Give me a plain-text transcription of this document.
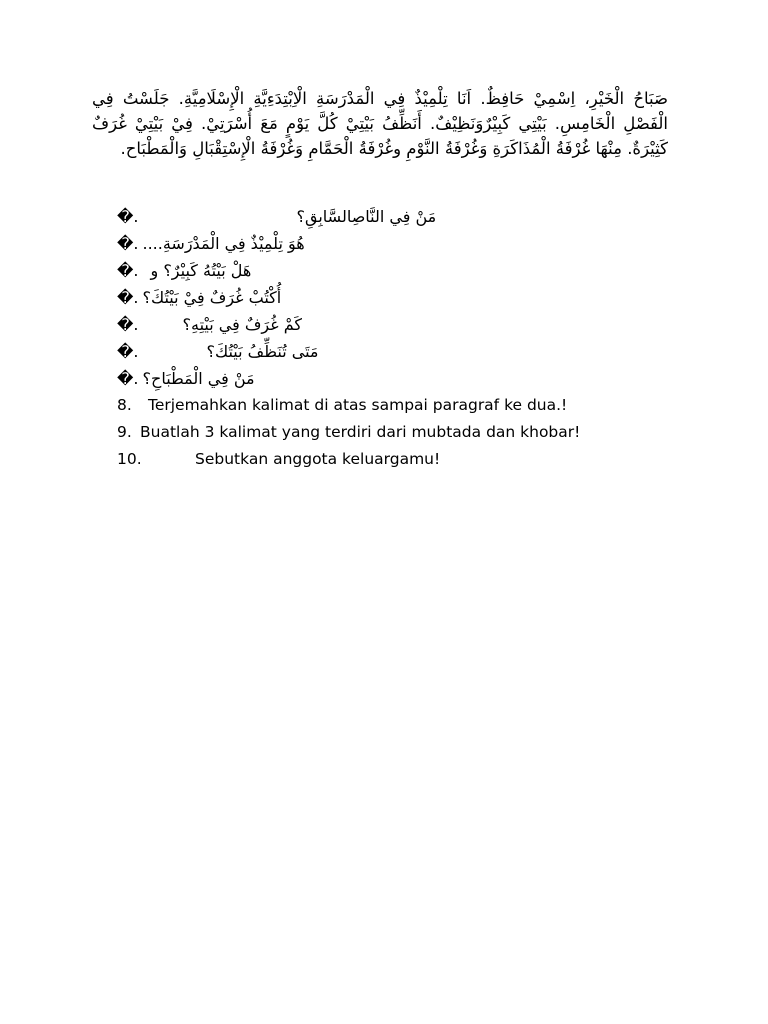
صَبَاحُ الْخَيْرِ، اِسْمِيْ حَافِظٌ. اَنَا تِلْمِيْذٌ فِي الْمَدْرَسَةِ الْاِبْتِدَءِيَّةِ الْإِسْلَامِيَّةِ. جَلَسْتُ فِي الْفَصْلِ الْخَامِسِ. بَيْتِي كَبِيْرٌوَنَظِيْفٌ. أَنَظِّفُ بَيْتِيْ كُلَّ يَوْمٍ مَعَ أُسْرَتِيْ. فِيْ بَيْتِيْ غُرَفٌ كَثِيْرَةٌ. مِنْهَا غُرْفَةُ الْمُذَاكَرَةِ وَغُرْفَةُ النَّوْمِ وغُرْفَةُ الْحَمَّامِ وَغُرْفَةُ الْإِسْتِقْبَالِ وَالْمَطْبَاح.
�.	مَنْ فِي النَّاصِالسَّابِقِ؟
�. هُوَ تِلْمِيْذٌ فِي الْمَدْرَسَةِ....
�. هَلْ بَيْتُهُ كَبِيْرٌ؟ و
�. أُكْتُبْ غُرَفٌ فِيْ بَيْتُكَ؟
�.	كَمْ غُرَفٌ فِي بَيْتِهِ؟
�.	مَتَى تُنَظِّفُ بَيْتُكَ؟
�. مَنْ فِي الْمَطْبَاحِ؟
8.	Terjemahkan kalimat di atas sampai paragraf ke dua.!
9. Buatlah 3 kalimat yang terdiri dari mubtada dan khobar!
10.	Sebutkan anggota keluargamu!
